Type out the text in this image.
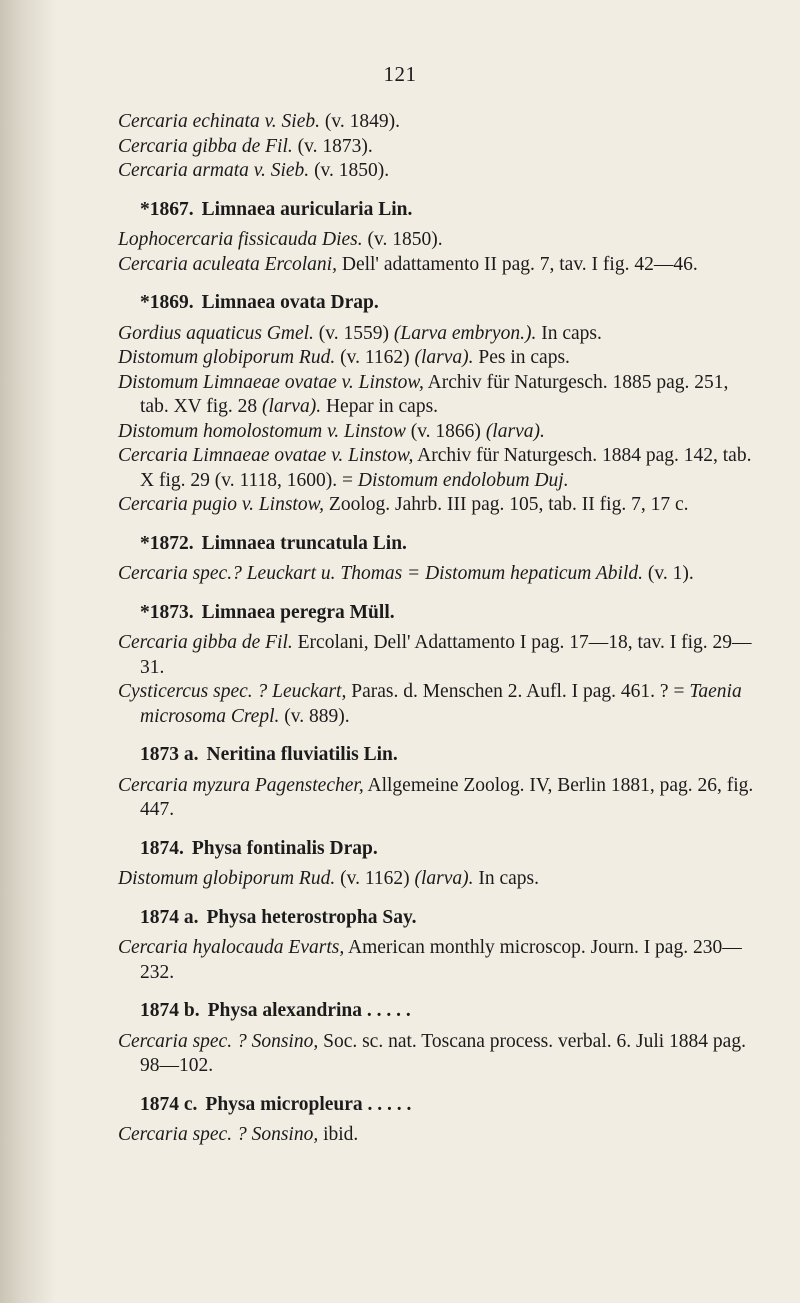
121

Cercaria echinata v. Sieb. (v. 1849).

Cercaria gibba de Fil. (v. 1873).

Cercaria armata v. Sieb. (v. 1850).

*1867. Limnaea auricularia Lin.

Lophocercaria fissicauda Dies. (v. 1850).

Cercaria aculeata Ercolani, Dell' adattamento II pag. 7, tav. I fig. 42—46.

*1869. Limnaea ovata Drap.

Gordius aquaticus Gmel. (v. 1559) (Larva embryon.). In caps.

Distomum globiporum Rud. (v. 1162) (larva). Pes in caps.

Distomum Limnaeae ovatae v. Linstow, Archiv für Naturgesch. 1885 pag. 251, tab. XV fig. 28 (larva). Hepar in caps.

Distomum homolostomum v. Linstow (v. 1866) (larva).

Cercaria Limnaeae ovatae v. Linstow, Archiv für Naturgesch. 1884 pag. 142, tab. X fig. 29 (v. 1118, 1600). = Distomum endolobum Duj.

Cercaria pugio v. Linstow, Zoolog. Jahrb. III pag. 105, tab. II fig. 7, 17 c.

*1872. Limnaea truncatula Lin.

Cercaria spec.? Leuckart u. Thomas = Distomum hepaticum Abild. (v. 1).

*1873. Limnaea peregra Müll.

Cercaria gibba de Fil. Ercolani, Dell' Adattamento I pag. 17—18, tav. I fig. 29—31.

Cysticercus spec. ? Leuckart, Paras. d. Menschen 2. Aufl. I pag. 461. ? = Taenia microsoma Crepl. (v. 889).

1873 a. Neritina fluviatilis Lin.

Cercaria myzura Pagenstecher, Allgemeine Zoolog. IV, Berlin 1881, pag. 26, fig. 447.

1874. Physa fontinalis Drap.

Distomum globiporum Rud. (v. 1162) (larva). In caps.

1874 a. Physa heterostropha Say.

Cercaria hyalocauda Evarts, American monthly microscop. Journ. I pag. 230—232.

1874 b. Physa alexandrina . . . . .

Cercaria spec. ? Sonsino, Soc. sc. nat. Toscana process. verbal. 6. Juli 1884 pag. 98—102.

1874 c. Physa micropleura . . . . .

Cercaria spec. ? Sonsino, ibid.
